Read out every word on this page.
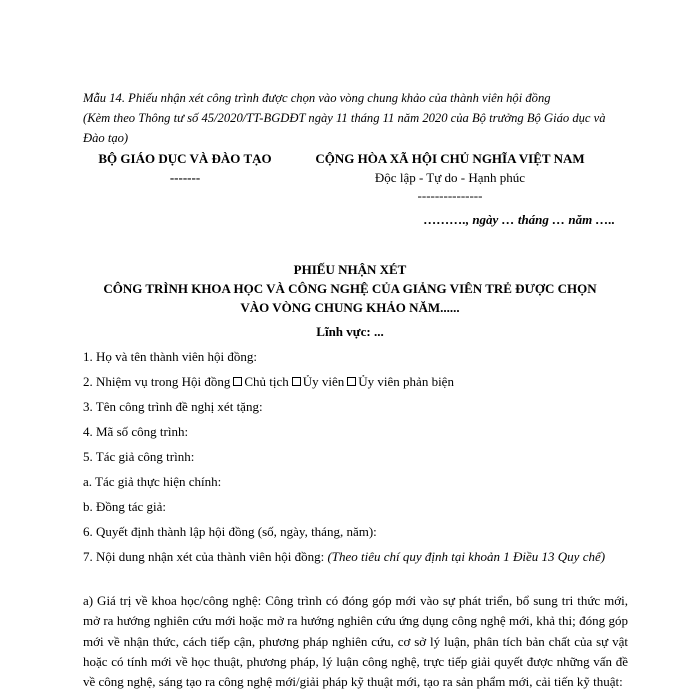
Mẫu 14. Phiếu nhận xét công trình được chọn vào vòng chung khảo của thành viên hội đồng
(Kèm theo Thông tư số 45/2020/TT-BGDĐT ngày 11 tháng 11 năm 2020 của Bộ trưởng Bộ Giáo dục và Đào tạo)
BỘ GIÁO DỤC VÀ ĐÀO TẠO
-------
CỘNG HÒA XÃ HỘI CHỦ NGHĨA VIỆT NAM
Độc lập - Tự do - Hạnh phúc
---------------
………., ngày … tháng … năm …..
PHIẾU NHẬN XÉT
CÔNG TRÌNH KHOA HỌC VÀ CÔNG NGHỆ CỦA GIẢNG VIÊN TRẺ ĐƯỢC CHỌN
VÀO VÒNG CHUNG KHẢO NĂM......
Lĩnh vực: ...
1. Họ và tên thành viên hội đồng:
2. Nhiệm vụ trong Hội đồng Chủ tịch Ủy viên Ủy viên phản biện
3. Tên công trình đề nghị xét tặng:
4. Mã số công trình:
5. Tác giả công trình:
a. Tác giả thực hiện chính:
b. Đồng tác giả:
6. Quyết định thành lập hội đồng (số, ngày, tháng, năm):
7. Nội dung nhận xét của thành viên hội đồng: (Theo tiêu chí quy định tại khoản 1 Điều 13 Quy chế)
a) Giá trị về khoa học/công nghệ: Công trình có đóng góp mới vào sự phát triển, bổ sung tri thức mới, mở ra hướng nghiên cứu mới hoặc mở ra hướng nghiên cứu ứng dụng công nghệ mới, khả thi; đóng góp mới về nhận thức, cách tiếp cận, phương pháp nghiên cứu, cơ sở lý luận, phân tích bản chất của sự vật hoặc có tính mới về học thuật, phương pháp, lý luận công nghệ, trực tiếp giải quyết được những vấn đề về công nghệ, sáng tạo ra công nghệ mới/giải pháp kỹ thuật mới, tạo ra sản phẩm mới, cải tiến kỹ thuật:
